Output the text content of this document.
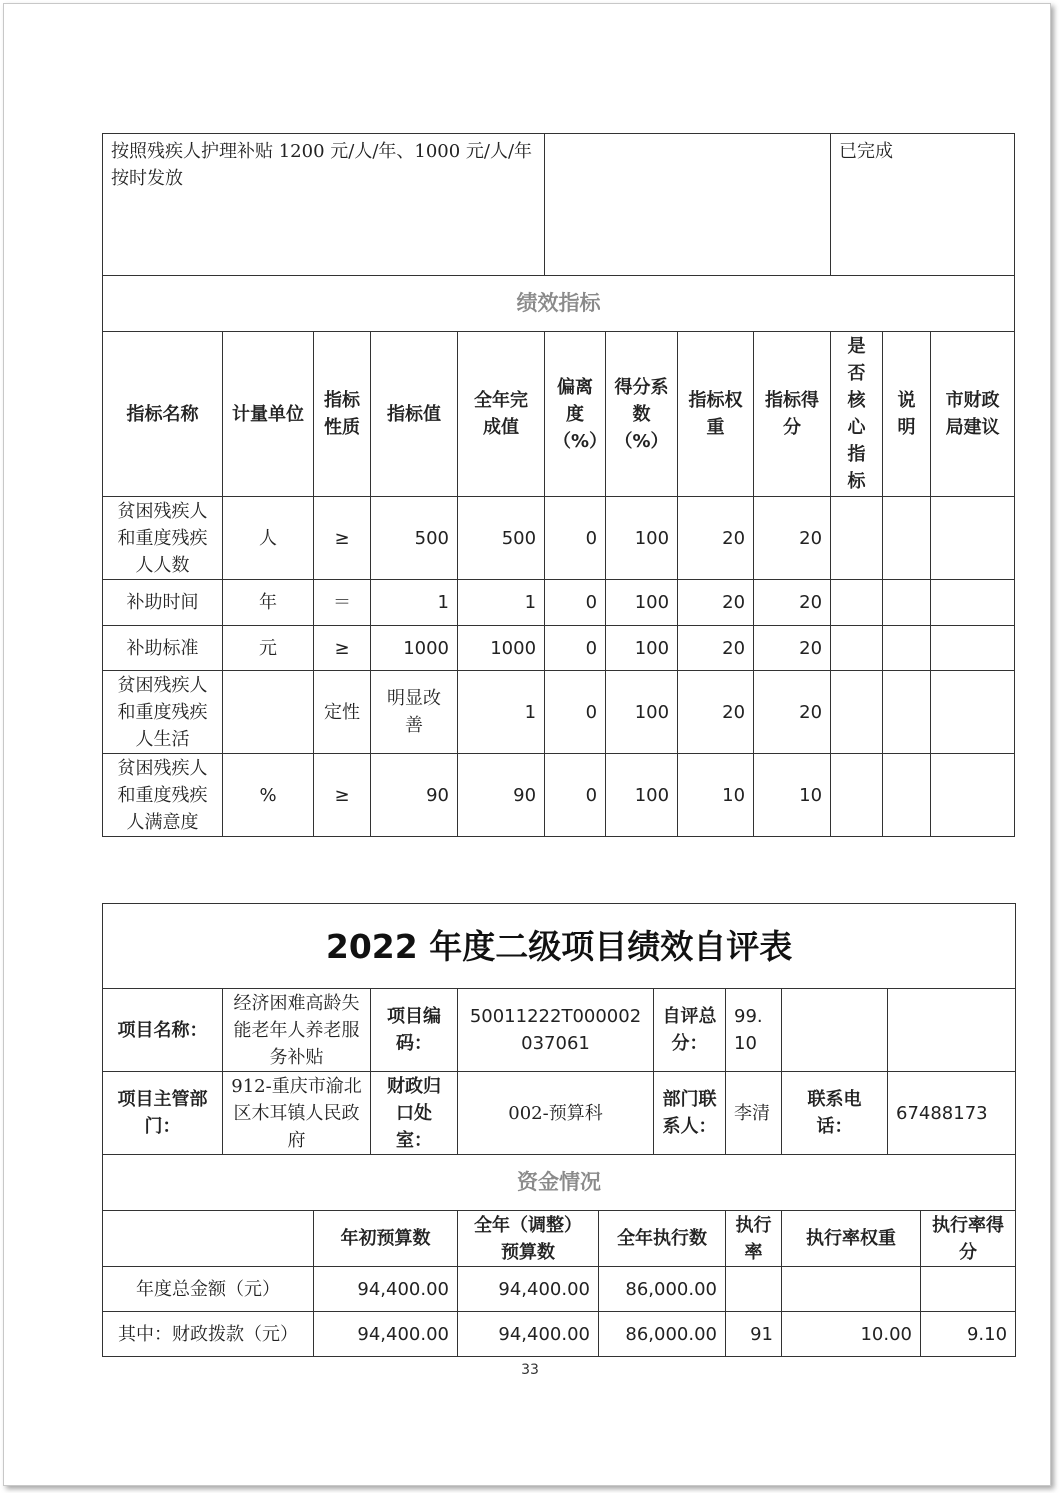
按照残疾人护理补贴 1200 元/人/年、1000 元/人/年按时发放									已完成		
绩效指标											
指标名称	计量单位	指标性质	指标值	全年完成值	偏离度（%）	得分系数（%）	指标权重	指标得分	是否核心指标	说明	市财政局建议
贫困残疾人和重度残疾人人数	人	≥	500	500	0	100	20	20			
补助时间	年	＝	1	1	0	100	20	20			
补助标准	元	≥	1000	1000	0	100	20	20			
贫困残疾人和重度残疾人生活		定性	明显改善	1	0	100	20	20			
贫困残疾人和重度残疾人满意度	%	≥	90	90	0	100	10	10			
2022 年度二级项目绩效自评表										
项目名称：	经济困难高龄失能老年人养老服务补贴		项目编码：	50011222T000002037061		自评总分：	99.10			
项目主管部门：	912-重庆市渝北区木耳镇人民政府		财政归口处室：	002-预算科		部门联系人：	李清	联系电话：	67488173	
资金情况										
		年初预算数		全年（调整）预算数	全年执行数		执行率	执行率权重		执行率得分
年度总金额（元）		94,400.00		94,400.00	86,000.00					
其中：财政拨款（元）		94,400.00		94,400.00	86,000.00		91	10.00		9.10
33
